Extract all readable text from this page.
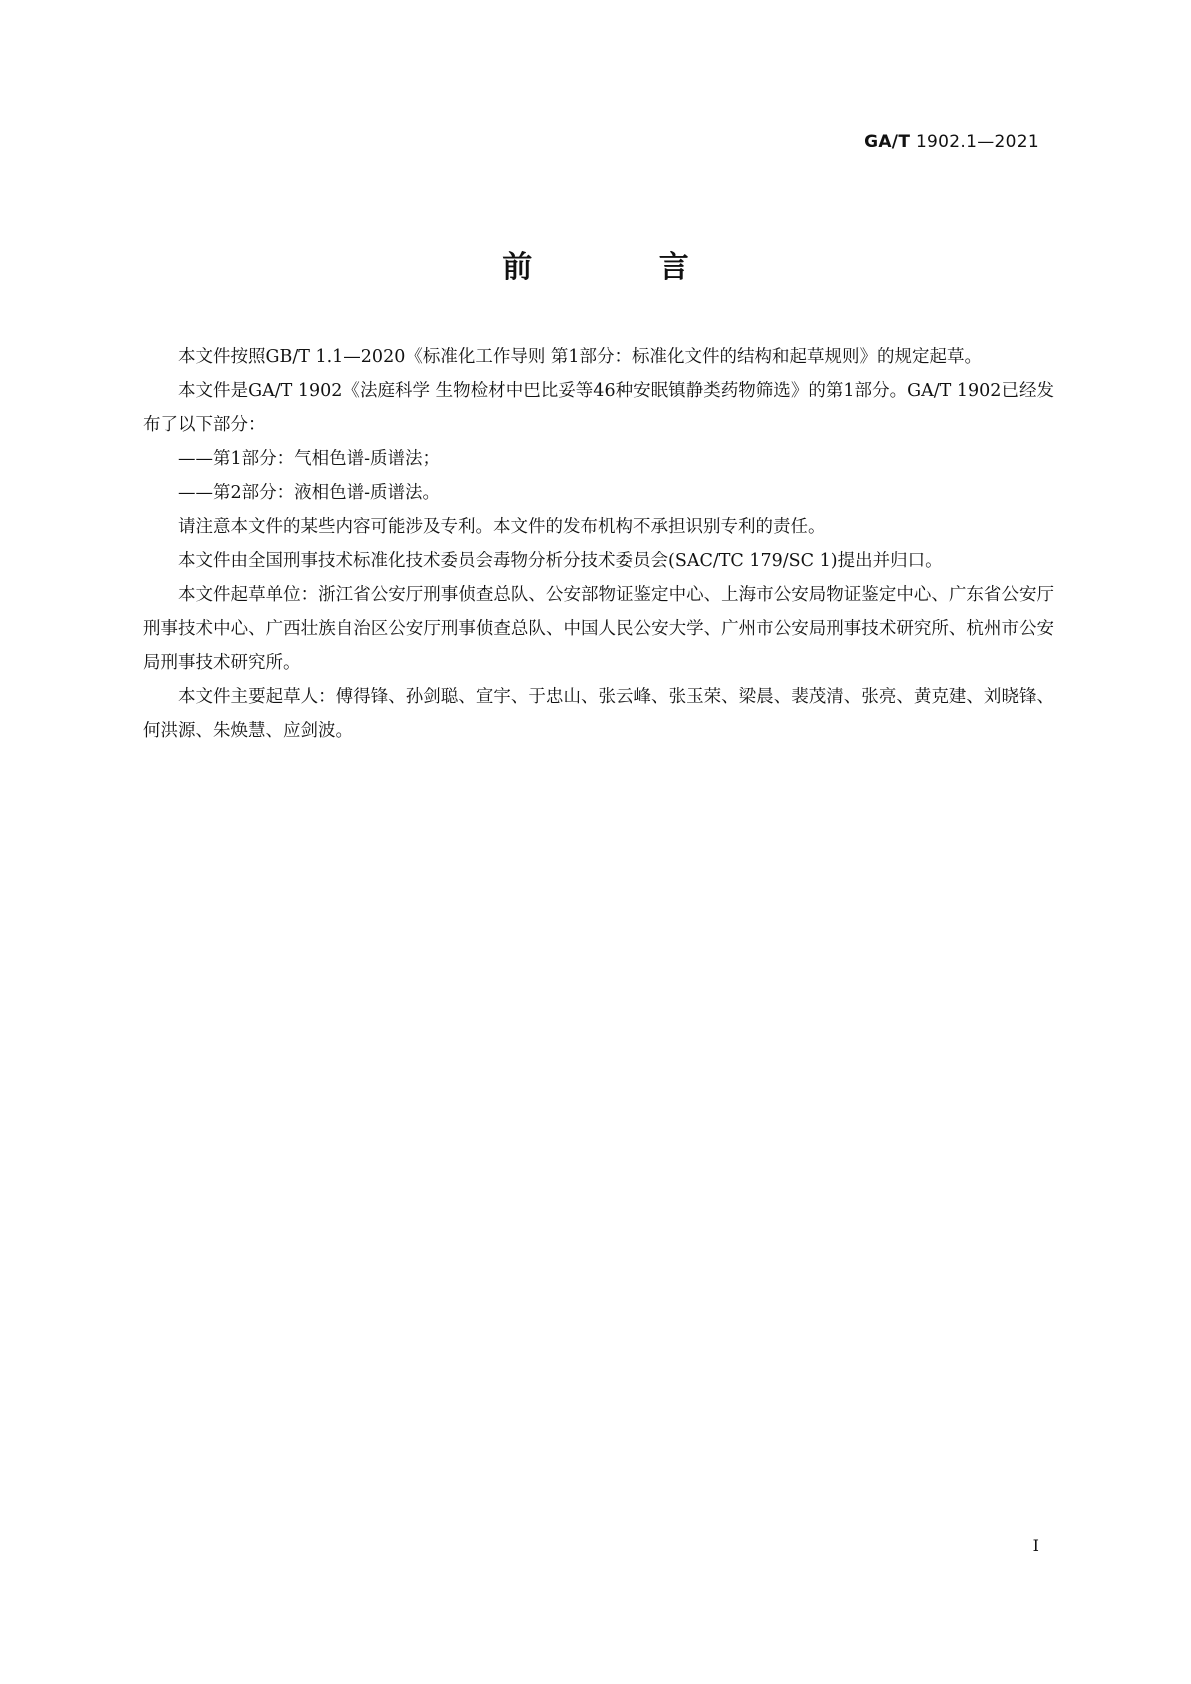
GA/T 1902.1—2021
前 言

本文件按照GB/T 1.1—2020《标准化工作导则 第1部分：标准化文件的结构和起草规则》的规定起草。

本文件是GA/T 1902《法庭科学 生物检材中巴比妥等46种安眠镇静类药物筛选》的第1部分。GA/T 1902已经发布了以下部分：

——第1部分：气相色谱-质谱法；

——第2部分：液相色谱-质谱法。

请注意本文件的某些内容可能涉及专利。本文件的发布机构不承担识别专利的责任。

本文件由全国刑事技术标准化技术委员会毒物分析分技术委员会(SAC/TC 179/SC 1)提出并归口。

本文件起草单位：浙江省公安厅刑事侦查总队、公安部物证鉴定中心、上海市公安局物证鉴定中心、广东省公安厅刑事技术中心、广西壮族自治区公安厅刑事侦查总队、中国人民公安大学、广州市公安局刑事技术研究所、杭州市公安局刑事技术研究所。

本文件主要起草人：傅得锋、孙剑聪、宣宇、于忠山、张云峰、张玉荣、梁晨、裴茂清、张亮、黄克建、刘晓锋、何洪源、朱焕慧、应剑波。

I
